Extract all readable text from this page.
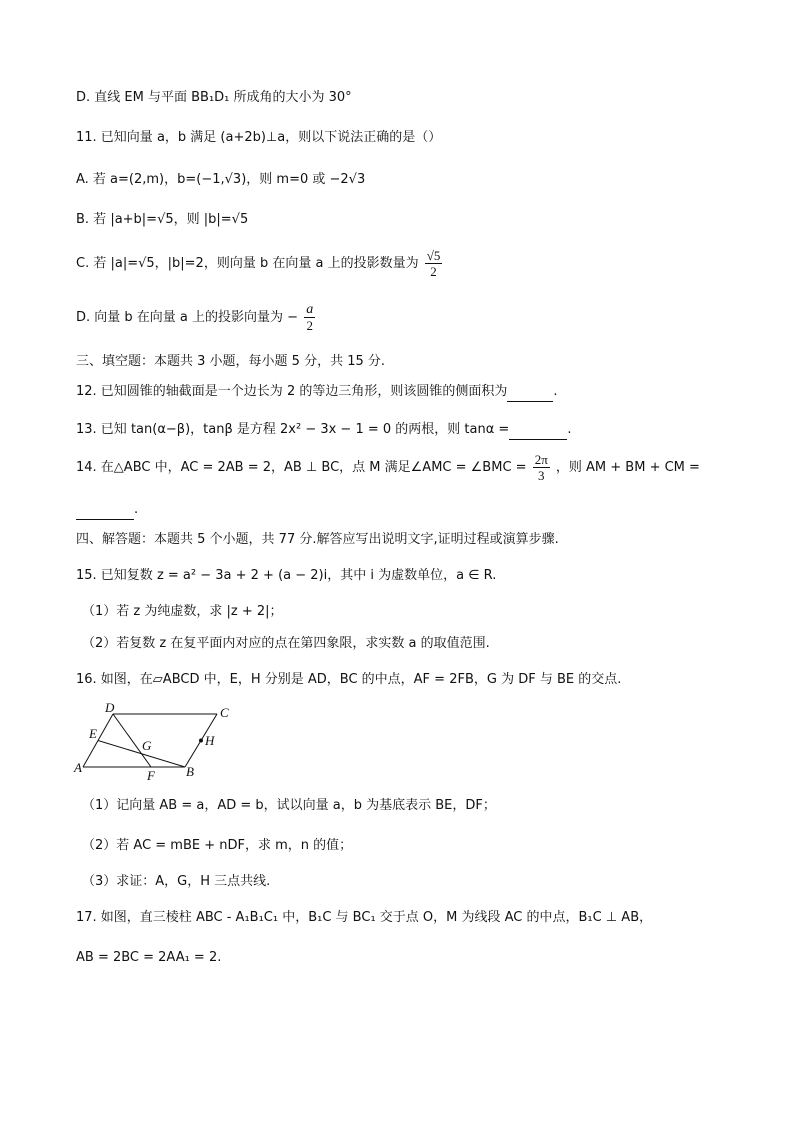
D. 直线 EM 与平面 BB₁D₁ 所成角的大小为 30°
11. 已知向量 a，b 满足 (a+2b)⊥a，则以下说法正确的是（）
A. 若 a=(2,m)，b=(−1,√3)，则 m=0 或 −2√3
B. 若 |a+b|=√5，则 |b|=√5
C. 若 |a|=√5，|b|=2，则向量 b 在向量 a 上的投影数量为 $\frac{√5}{2}$
D. 向量 b 在向量 a 上的投影向量为 − $\frac{a}{2}$
三、填空题：本题共 3 小题，每小题 5 分，共 15 分.
12. 已知圆锥的轴截面是一个边长为 2 的等边三角形，则该圆锥的侧面积为	.
13. 已知 tan(α−β)，tanβ 是方程 2x² − 3x − 1 = 0 的两根，则 tanα =	.
14. 在△ABC 中，AC = 2AB = 2，AB ⊥ BC，点 M 满足∠AMC = ∠BMC = $\frac{2\pi}{3}$ ，则 AM + BM + CM =
.
四、解答题：本题共 5 个小题，共 77 分.解答应写出说明文字,证明过程或演算步骤.
15. 已知复数 z = a² − 3a + 2 + (a − 2)i，其中 i 为虚数单位，a ∈ R.
（1）若 z 为纯虚数，求 |z + 2|；
（2）若复数 z 在复平面内对应的点在第四象限，求实数 a 的取值范围.
16. 如图，在▱ABCD 中，E，H 分别是 AD，BC 的中点，AF = 2FB，G 为 DF 与 BE 的交点.
D	C
E
G	H
A
F B
（1）记向量 AB = a，AD = b，试以向量 a，b 为基底表示 BE，DF；
（2）若 AC = mBE + nDF，求 m，n 的值；
（3）求证：A，G，H 三点共线.
17. 如图，直三棱柱 ABC - A₁B₁C₁ 中，B₁C 与 BC₁ 交于点 O，M 为线段 AC 的中点，B₁C ⊥ AB，
AB = 2BC = 2AA₁ = 2.
